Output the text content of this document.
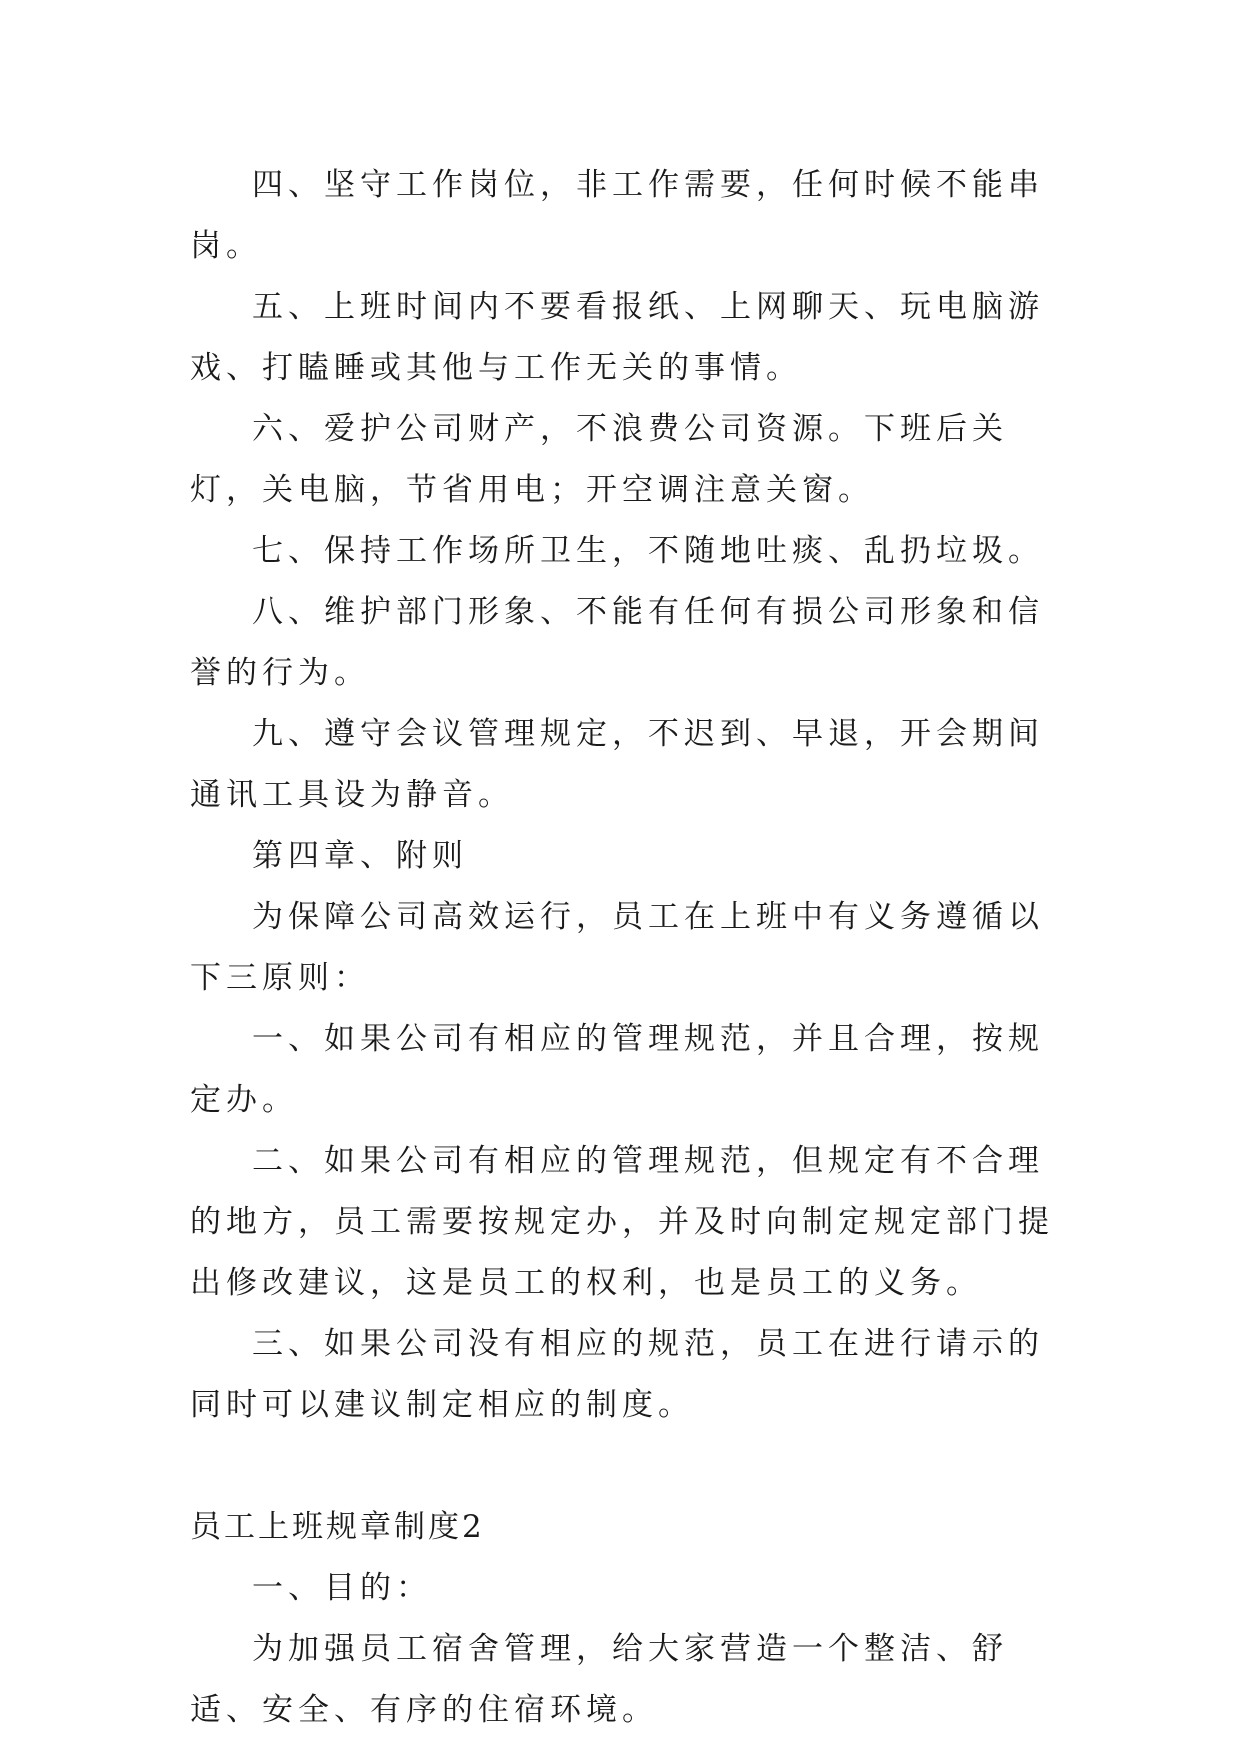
四、坚守工作岗位，非工作需要，任何时候不能串岗。

五、上班时间内不要看报纸、上网聊天、玩电脑游戏、打瞌睡或其他与工作无关的事情。

六、爱护公司财产，不浪费公司资源。下班后关灯，关电脑，节省用电；开空调注意关窗。

七、保持工作场所卫生，不随地吐痰、乱扔垃圾。

八、维护部门形象、不能有任何有损公司形象和信誉的行为。

九、遵守会议管理规定，不迟到、早退，开会期间通讯工具设为静音。

第四章、附则

为保障公司高效运行，员工在上班中有义务遵循以下三原则：

一、如果公司有相应的管理规范，并且合理，按规定办。

二、如果公司有相应的管理规范，但规定有不合理的地方，员工需要按规定办，并及时向制定规定部门提出修改建议，这是员工的权利，也是员工的义务。

三、如果公司没有相应的规范，员工在进行请示的同时可以建议制定相应的制度。

员工上班规章制度2

一、目的：

为加强员工宿舍管理，给大家营造一个整洁、舒适、安全、有序的住宿环境。
